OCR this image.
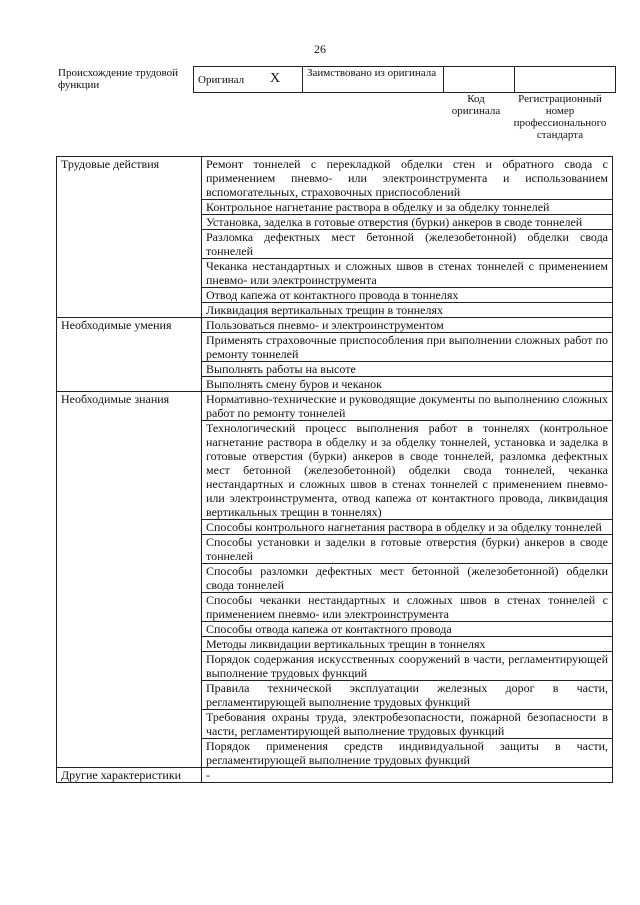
26
Происхождение трудовой функции	Оригинал X	Заимствовано из оригинала		
Код оригинала
Регистрационный номер профессионального стандарта
Трудовые действия	Ремонт тоннелей с перекладкой обделки стен и обратного свода с применением пневмо- или электроинструмента и использованием вспомогательных, страховочных приспособлений
	Контрольное нагнетание раствора в обделку и за обделку тоннелей
	Установка, заделка в готовые отверстия (бурки) анкеров в своде тоннелей
	Разломка дефектных мест бетонной (железобетонной) обделки свода тоннелей
	Чеканка нестандартных и сложных швов в стенах тоннелей с применением пневмо- или электроинструмента
	Отвод капежа от контактного провода в тоннелях
	Ликвидация вертикальных трещин в тоннелях
Необходимые умения	Пользоваться пневмо- и электроинструментом
	Применять страховочные приспособления при выполнении сложных работ по ремонту тоннелей
	Выполнять работы на высоте
	Выполнять смену буров и чеканок
Необходимые знания	Нормативно-технические и руководящие документы по выполнению сложных работ по ремонту тоннелей
	Технологический процесс выполнения работ в тоннелях (контрольное нагнетание раствора в обделку и за обделку тоннелей, установка и заделка в готовые отверстия (бурки) анкеров в своде тоннелей, разломка дефектных мест бетонной (железобетонной) обделки свода тоннелей, чеканка нестандартных и сложных швов в стенах тоннелей с применением пневмо- или электроинструмента, отвод капежа от контактного провода, ликвидация вертикальных трещин в тоннелях)
	Способы контрольного нагнетания раствора в обделку и за обделку тоннелей
	Способы установки и заделки в готовые отверстия (бурки) анкеров в своде тоннелей
	Способы разломки дефектных мест бетонной (железобетонной) обделки свода тоннелей
	Способы чеканки нестандартных и сложных швов в стенах тоннелей с применением пневмо- или электроинструмента
	Способы отвода капежа от контактного провода
	Методы ликвидации вертикальных трещин в тоннелях
	Порядок содержания искусственных сооружений в части, регламентирующей выполнение трудовых функций
	Правила технической эксплуатации железных дорог в части, регламентирующей выполнение трудовых функций
	Требования охраны труда, электробезопасности, пожарной безопасности в части, регламентирующей выполнение трудовых функций
	Порядок применения средств индивидуальной защиты в части, регламентирующей выполнение трудовых функций
Другие характеристики	-
